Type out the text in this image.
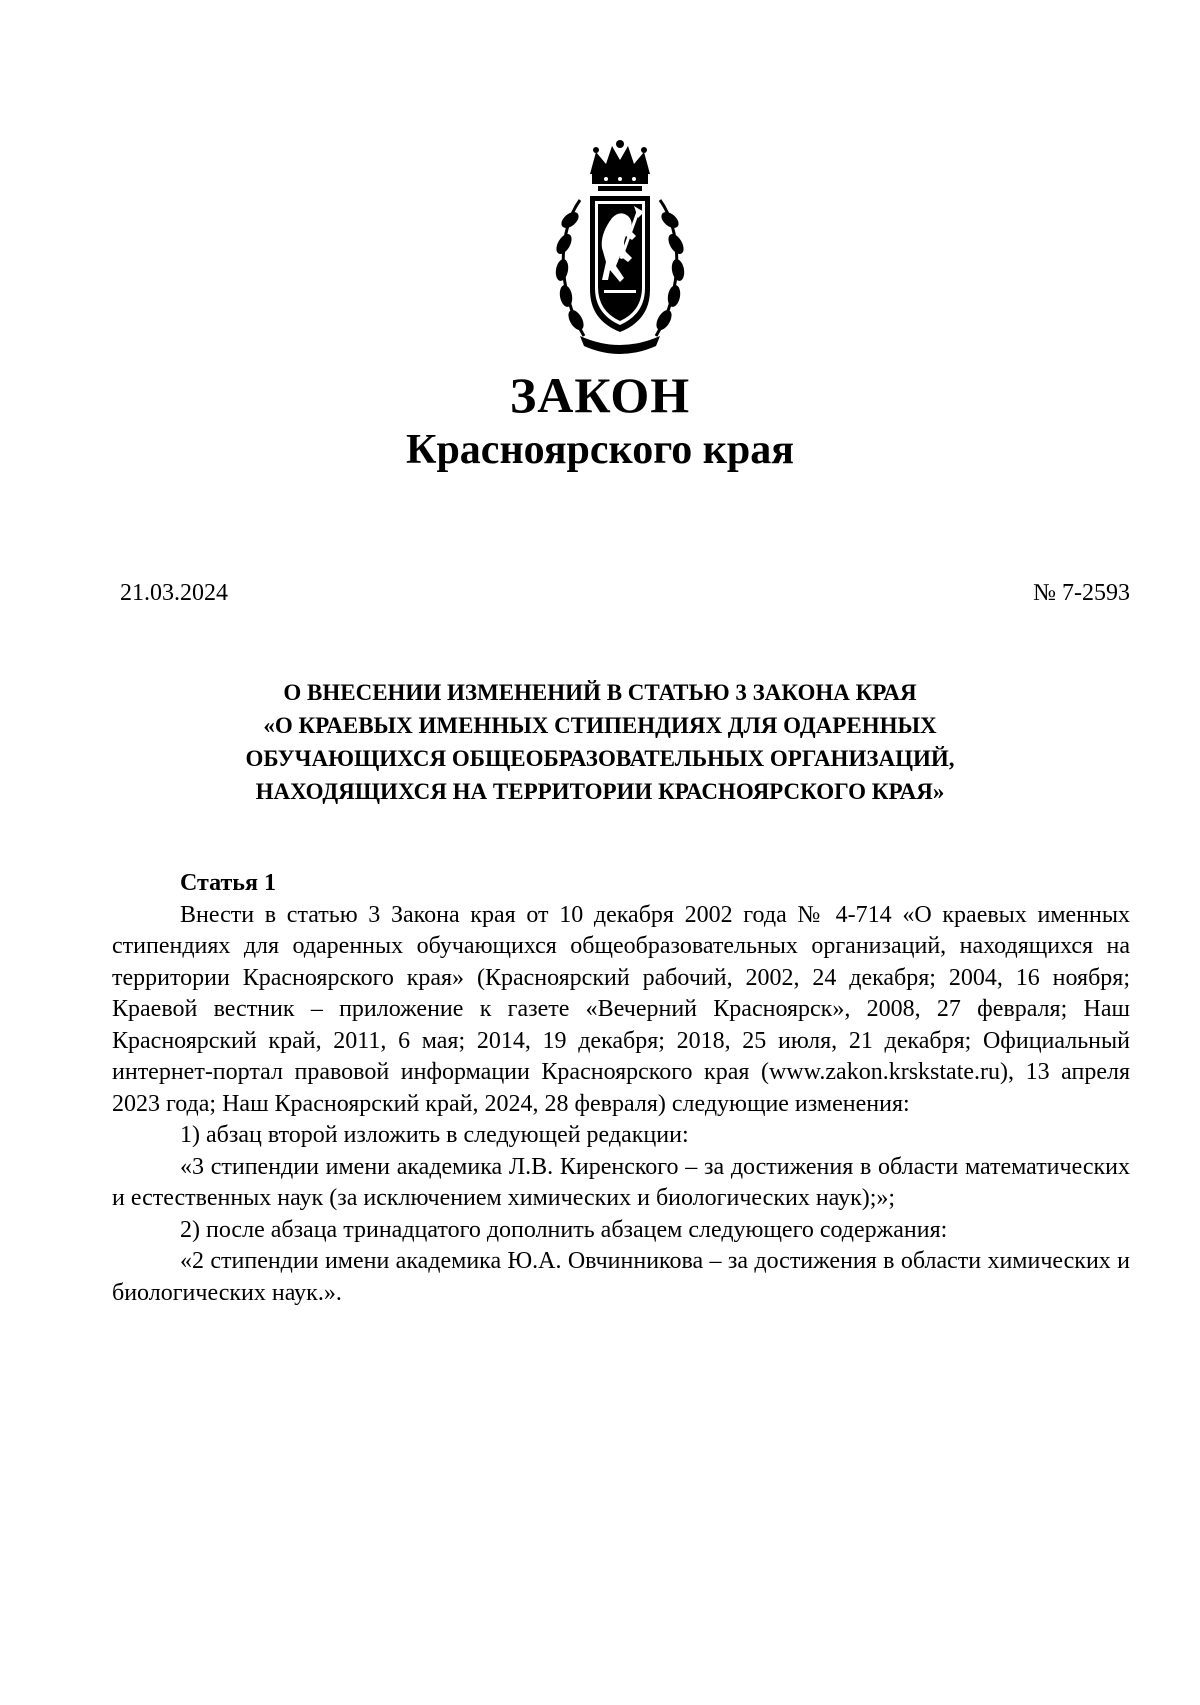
ЗАКОН
Красноярского края
21.03.2024	№ 7-2593
О ВНЕСЕНИИ ИЗМЕНЕНИЙ В СТАТЬЮ 3 ЗАКОНА КРАЯ
«О КРАЕВЫХ ИМЕННЫХ СТИПЕНДИЯХ ДЛЯ ОДАРЕННЫХ
ОБУЧАЮЩИХСЯ ОБЩЕОБРАЗОВАТЕЛЬНЫХ ОРГАНИЗАЦИЙ,
НАХОДЯЩИХСЯ НА ТЕРРИТОРИИ КРАСНОЯРСКОГО КРАЯ»
Статья 1

Внести в статью 3 Закона края от 10 декабря 2002 года № 4-714 «О краевых именных стипендиях для одаренных обучающихся общеобразовательных организаций, находящихся на территории Красноярского края» (Красноярский рабочий, 2002, 24 декабря; 2004, 16 ноября; Краевой вестник – приложение к газете «Вечерний Красноярск», 2008, 27 февраля; Наш Красноярский край, 2011, 6 мая; 2014, 19 декабря; 2018, 25 июля, 21 декабря; Официальный интернет-портал правовой информации Красноярского края (www.zakon.krskstate.ru), 13 апреля 2023 года; Наш Красноярский край, 2024, 28 февраля) следующие изменения:

1) абзац второй изложить в следующей редакции:

«3 стипендии имени академика Л.В. Киренского – за достижения в области математических и естественных наук (за исключением химических и биологических наук);»;

2) после абзаца тринадцатого дополнить абзацем следующего содержания:

«2 стипендии имени академика Ю.А. Овчинникова – за достижения в области химических и биологических наук.».
